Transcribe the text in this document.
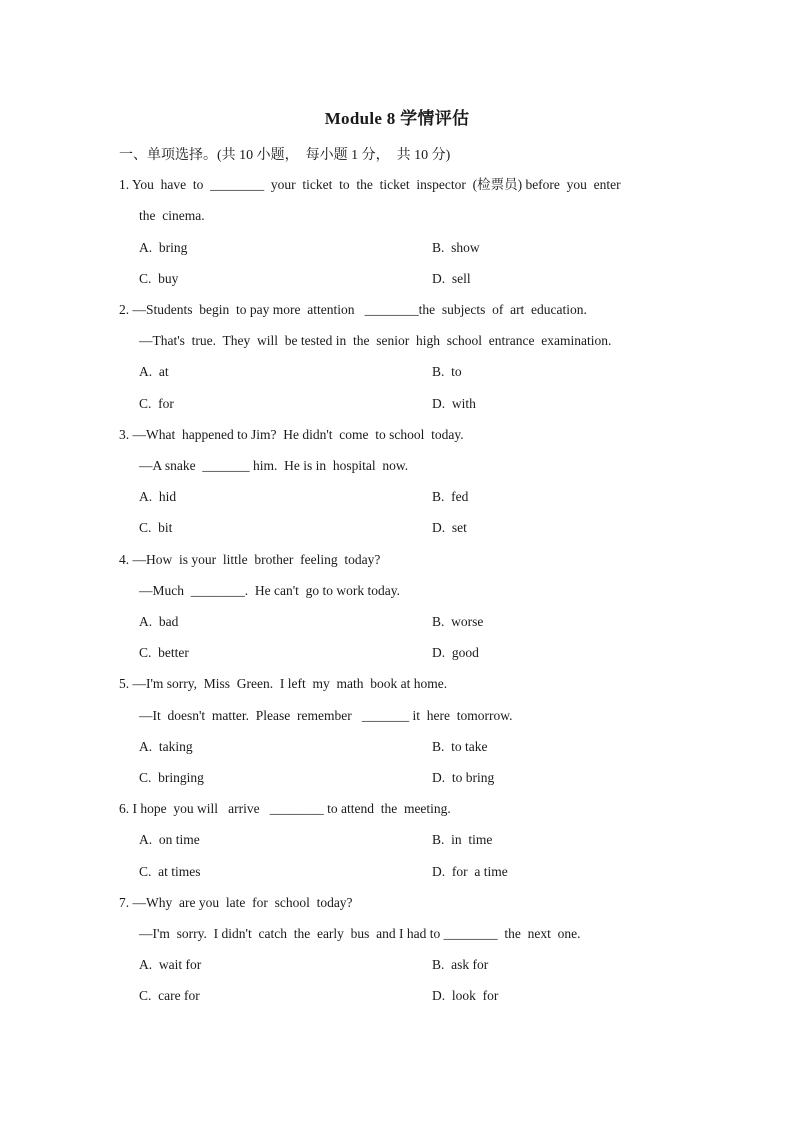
Module 8 学情评估
一、单项选择。(共 10 小题，  每小题 1 分，  共 10 分)
1. You  have  to  ________  your  ticket  to  the  ticket  inspector  (检票员) before  you  enter
the  cinema.
A.  bring	B.  show
C.  buy	D.  sell
2. —Students  begin  to pay more  attention   ________the  subjects  of  art  education.
—That's  true.  They  will  be tested in  the  senior  high  school  entrance  examination.
A.  at	B.  to
C.  for	D.  with
3. —What  happened to Jim?  He didn't  come  to school  today.
—A snake  _______ him.  He is in  hospital  now.
A.  hid	B.  fed
C.  bit	D.  set
4. —How  is your  little  brother  feeling  today?
—Much  ________.  He can't  go to work today.
A.  bad	B.  worse
C.  better	D.  good
5. —I'm sorry,  Miss  Green.  I left  my  math  book at home.
—It  doesn't  matter.  Please  remember   _______ it  here  tomorrow.
A.  taking	B.  to take
C.  bringing	D.  to bring
6. I hope  you will   arrive   ________ to attend  the  meeting.
A.  on time	B.  in  time
C.  at times	D.  for  a time
7. —Why  are you  late  for  school  today?
—I'm  sorry.  I didn't  catch  the  early  bus  and I had to ________  the  next  one.
A.  wait for	B.  ask for
C.  care for	D.  look  for
